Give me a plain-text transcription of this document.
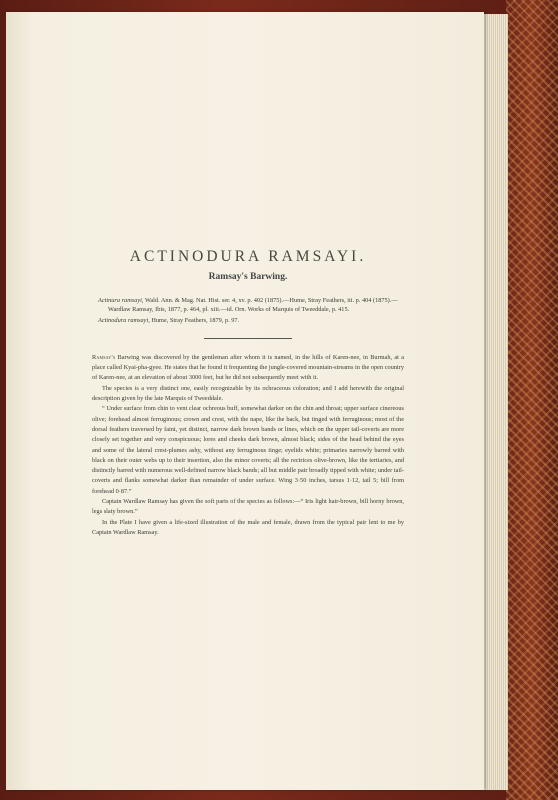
ACTINODURA RAMSAYI.
Ramsay's Barwing.

Actinura ramsayi, Wald. Ann. & Mag. Nat. Hist. ser. 4, xv. p. 402 (1875).—Hume, Stray Feathers, iii. p. 404 (1875).—Wardlaw Ramsay, Ibis, 1877, p. 464, pl. xiii.—id. Orn. Works of Marquis of Tweeddale, p. 415.

Actinodura ramsayi, Hume, Stray Feathers, 1879, p. 97.

Ramsay's Barwing was discovered by the gentleman after whom it is named, in the hills of Karen-nee, in Burmah, at a place called Kyai-pha-gyee. He states that he found it frequenting the jungle-covered mountain-streams in the open country of Karen-nee, at an elevation of about 3000 feet, but he did not subsequently meet with it.

The species is a very distinct one, easily recognizable by its ochraceous coloration; and I add herewith the original description given by the late Marquis of Tweeddale.

“ Under surface from chin to vent clear ochreous buff, somewhat darker on the chin and throat; upper surface cinereous olive; forehead almost ferruginous; crown and crest, with the nape, like the back, but tinged with ferruginous; most of the dorsal feathers traversed by faint, yet distinct, narrow dark brown bands or lines, which on the upper tail-coverts are more closely set together and very conspicuous; lores and cheeks dark brown, almost black; sides of the head behind the eyes and some of the lateral crest-plumes ashy, without any ferruginous tinge; eyelids white; primaries narrowly barred with black on their outer webs up to their insertion, also the minor coverts; all the rectrices olive-brown, like the tertiaries, and distinctly barred with numerous well-defined narrow black bands; all but middle pair broadly tipped with white; under tail-coverts and flanks somewhat darker than remainder of under surface. Wing 3·50 inches, tarsus 1·12, tail 5; bill from forehead 0·87.”

Captain Wardlaw Ramsay has given the soft parts of the species as follows:—“ Iris light hair-brown, bill horny brown, legs slaty brown.”

In the Plate I have given a life-sized illustration of the male and female, drawn from the typical pair lent to me by Captain Wardlaw Ramsay.
